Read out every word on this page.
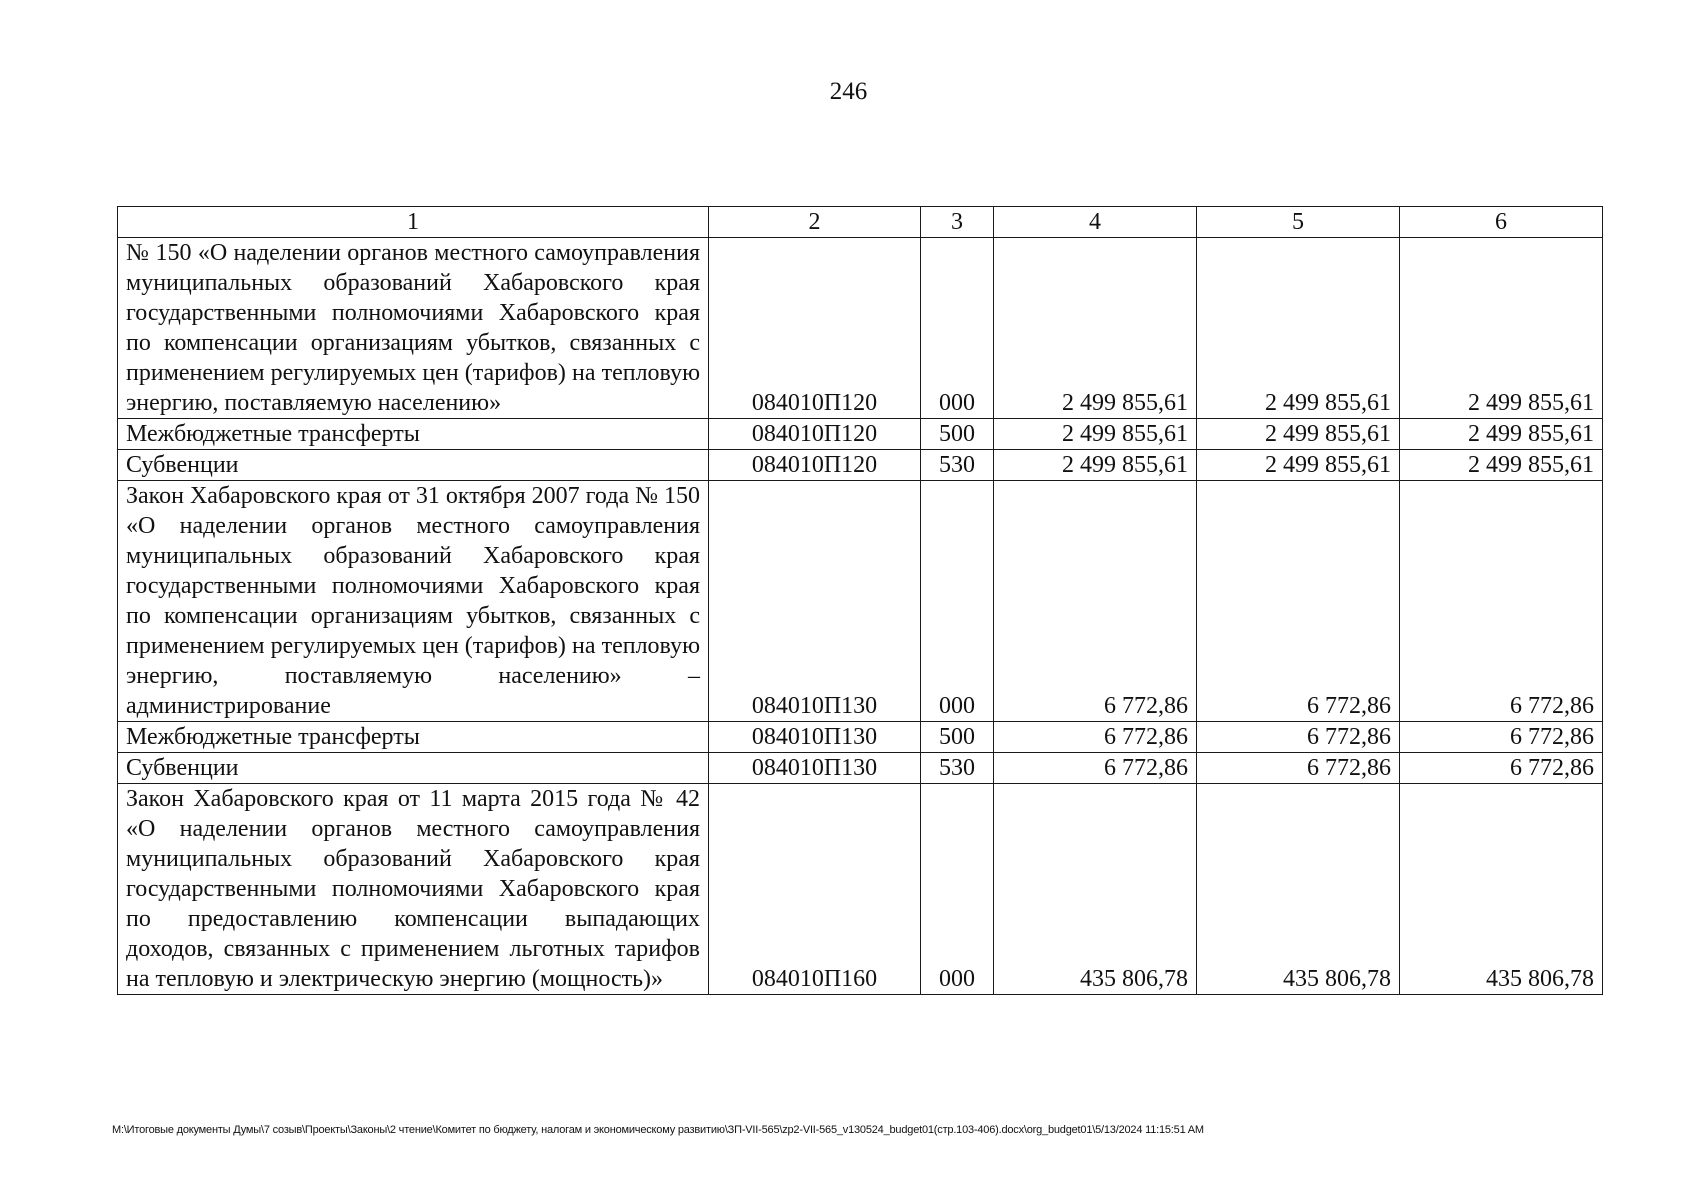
246
1	2	3	4	5	6
№ 150 «О наделении органов местного самоуправления муниципальных образований Хабаровского края государственными полномочиями Хабаровского края по компенсации организациям убытков, связанных с применением регулируемых цен (тарифов) на тепловую энергию, поставляемую населению»	084010П120	000	2 499 855,61	2 499 855,61	2 499 855,61
Межбюджетные трансферты	084010П120	500	2 499 855,61	2 499 855,61	2 499 855,61
Субвенции	084010П120	530	2 499 855,61	2 499 855,61	2 499 855,61
Закон Хабаровского края от 31 октября 2007 года № 150 «О наделении органов местного самоуправления муниципальных образований Хабаровского края государственными полномочиями Хабаровского края по компенсации организациям убытков, связанных с применением регулируемых цен (тарифов) на тепловую энергию, поставляемую населению» – администрирование	084010П130	000	6 772,86	6 772,86	6 772,86
Межбюджетные трансферты	084010П130	500	6 772,86	6 772,86	6 772,86
Субвенции	084010П130	530	6 772,86	6 772,86	6 772,86
Закон Хабаровского края от 11 марта 2015 года № 42 «О наделении органов местного самоуправления муниципальных образований Хабаровского края государственными полномочиями Хабаровского края по предоставлению компенсации выпадающих доходов, связанных с применением льготных тарифов на тепловую и электрическую энергию (мощность)»	084010П160	000	435 806,78	435 806,78	435 806,78
М:\Итоговые документы Думы\7 созыв\Проекты\Законы\2 чтение\Комитет по бюджету, налогам и экономическому развитию\ЗП-VII-565\zp2-VII-565_v130524_budget01(стр.103-406).docx\org_budget01\5/13/2024 11:15:51 AM
